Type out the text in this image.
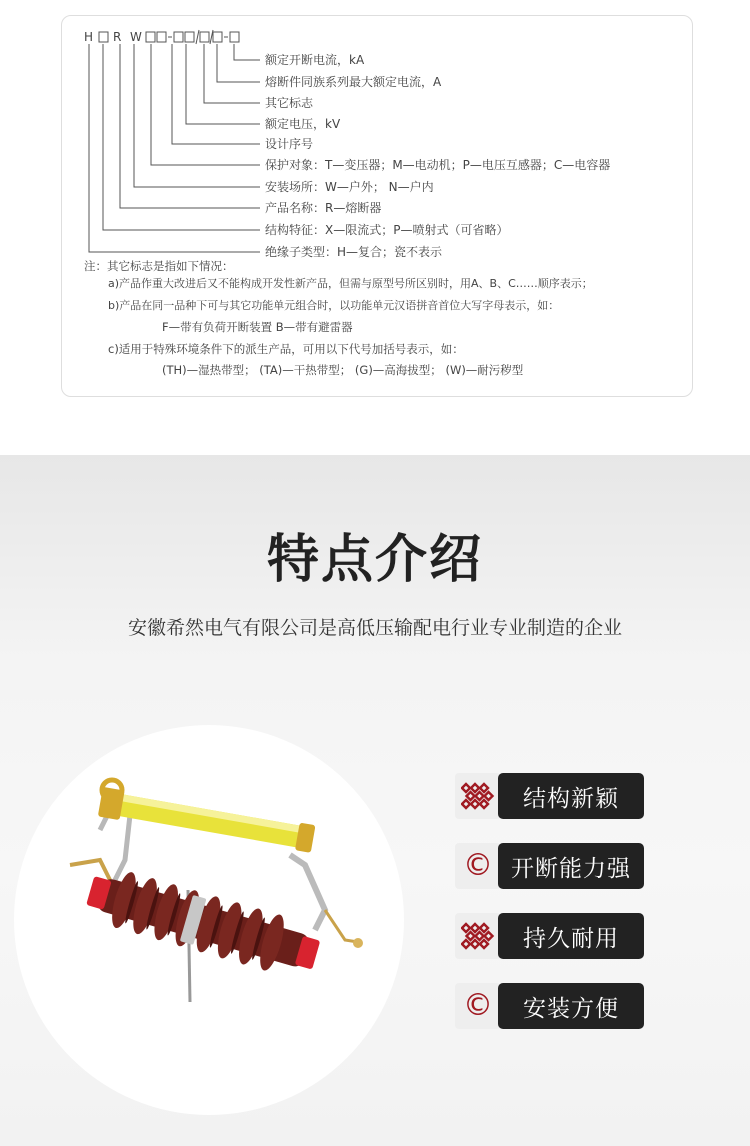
H R W
额定开断电流，kA
熔断件同族系列最大额定电流，A
其它标志
额定电压，kV
设计序号
保护对象：T—变压器；M—电动机；P—电压互感器；C—电容器
安装场所：W—户外； N—户内
产品名称：R—熔断器
结构特征：X—限流式；P—喷射式（可省略）
绝缘子类型：H—复合；瓷不表示
注：其它标志是指如下情况：
a)产品作重大改进后又不能构成开发性新产品，但需与原型号所区别时，用A、B、C……顺序表示；
b)产品在同一品种下可与其它功能单元组合时，以功能单元汉语拼音首位大写字母表示，如：
F—带有负荷开断装置 B—带有避雷器
c)适用于特殊环境条件下的派生产品，可用以下代号加括号表示，如：
(TH)—湿热带型； (TA)—干热带型； (G)—高海拔型； (W)—耐污秽型
特点介绍
安徽希然电气有限公司是高低压输配电行业专业制造的企业
结构新颖
© 开断能力强
持久耐用
©	安装方便
